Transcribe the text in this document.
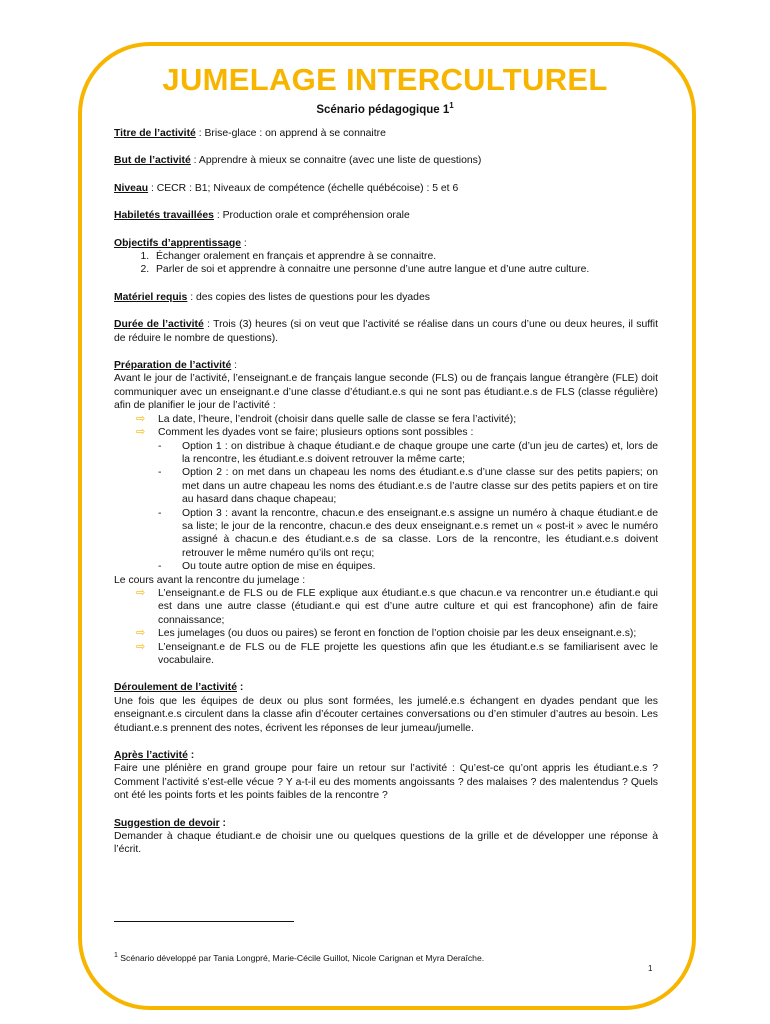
JUMELAGE INTERCULTUREL
Scénario pédagogique $1^1$
Titre de l’activité : Brise-glace : on apprend à se connaitre
But de l’activité : Apprendre à mieux se connaitre (avec une liste de questions)
Niveau : CECR : B1; Niveaux de compétence (échelle québécoise) : 5 et 6
Habiletés travaillées : Production orale et compréhension orale
Objectifs d’apprentissage :
1. Échanger oralement en français et apprendre à se connaitre.
2. Parler de soi et apprendre à connaitre une personne d’une autre langue et d’une autre culture.
Matériel requis : des copies des listes de questions pour les dyades
Durée de l’activité : Trois (3) heures (si on veut que l’activité se réalise dans un cours d’une ou deux heures, il suffit de réduire le nombre de questions).
Préparation de l’activité :
Avant le jour de l’activité, l’enseignant.e de français langue seconde (FLS) ou de français langue étrangère (FLE) doit communiquer avec un enseignant.e d’une classe d’étudiant.e.s qui ne sont pas étudiant.e.s de FLS (classe régulière) afin de planifier le jour de l’activité :
⇨ La date, l’heure, l’endroit (choisir dans quelle salle de classe se fera l’activité);
⇨ Comment les dyades vont se faire; plusieurs options sont possibles :
- Option 1 : on distribue à chaque étudiant.e de chaque groupe une carte (d’un jeu de cartes) et, lors de la rencontre, les étudiant.e.s doivent retrouver la même carte;
- Option 2 : on met dans un chapeau les noms des étudiant.e.s d’une classe sur des petits papiers; on met dans un autre chapeau les noms des étudiant.e.s de l’autre classe sur des petits papiers et on tire au hasard dans chaque chapeau;
- Option 3 : avant la rencontre, chacun.e des enseignant.e.s assigne un numéro à chaque étudiant.e de sa liste; le jour de la rencontre, chacun.e des deux enseignant.e.s remet un « post-it » avec le numéro assigné à chacun.e des étudiant.e.s de sa classe. Lors de la rencontre, les étudiant.e.s doivent retrouver le même numéro qu’ils ont reçu;
- Ou toute autre option de mise en équipes.
Le cours avant la rencontre du jumelage :
⇨ L’enseignant.e de FLS ou de FLE explique aux étudiant.e.s que chacun.e va rencontrer un.e étudiant.e qui est dans une autre classe (étudiant.e qui est d’une autre culture et qui est francophone) afin de faire connaissance;
⇨ Les jumelages (ou duos ou paires) se feront en fonction de l’option choisie par les deux enseignant.e.s);
⇨ L’enseignant.e de FLS ou de FLE projette les questions afin que les étudiant.e.s se familiarisent avec le vocabulaire.
Déroulement de l’activité :
Une fois que les équipes de deux ou plus sont formées, les jumelé.e.s échangent en dyades pendant que les enseignant.e.s circulent dans la classe afin d’écouter certaines conversations ou d’en stimuler d’autres au besoin. Les étudiant.e.s prennent des notes, écrivent les réponses de leur jumeau/jumelle.
Après l’activité :
Faire une plénière en grand groupe pour faire un retour sur l’activité : Qu’est-ce qu’ont appris les étudiant.e.s ? Comment l’activité s’est-elle vécue ? Y a-t-il eu des moments angoissants ? des malaises ? des malentendus ? Quels ont été les points forts et les points faibles de la rencontre ?
Suggestion de devoir :
Demander à chaque étudiant.e de choisir une ou quelques questions de la grille et de développer une réponse à l’écrit.
$^1$ Scénario développé par Tania Longpré, Marie-Cécile Guillot, Nicole Carignan et Myra Deraîche.
1
